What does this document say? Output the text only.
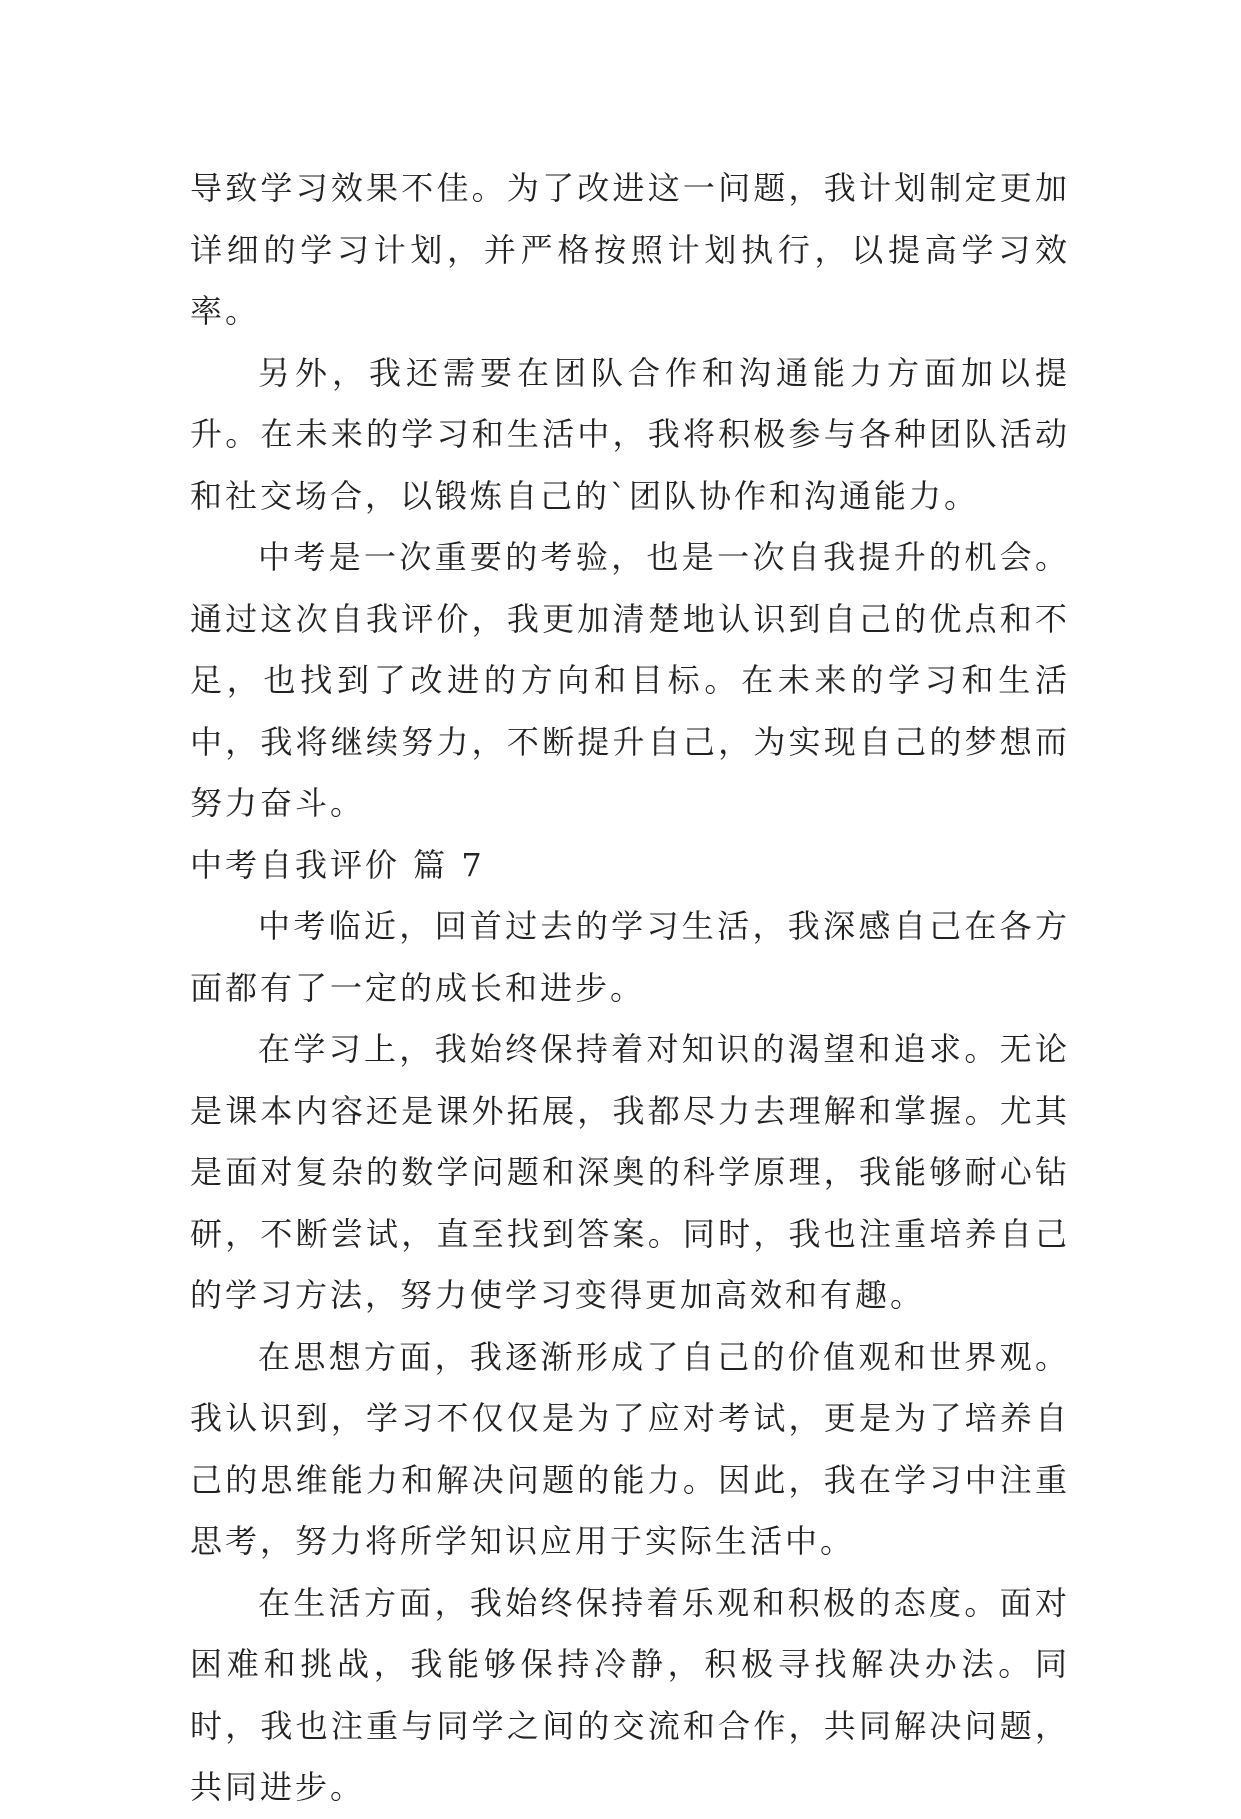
导致学习效果不佳。为了改进这一问题，我计划制定更加详细的学习计划，并严格按照计划执行，以提高学习效率。

另外，我还需要在团队合作和沟通能力方面加以提升。在未来的学习和生活中，我将积极参与各种团队活动和社交场合，以锻炼自己的`团队协作和沟通能力。

中考是一次重要的考验，也是一次自我提升的机会。通过这次自我评价，我更加清楚地认识到自己的优点和不足，也找到了改进的方向和目标。在未来的学习和生活中，我将继续努力，不断提升自己，为实现自己的梦想而努力奋斗。

中考自我评价 篇 7

中考临近，回首过去的学习生活，我深感自己在各方面都有了一定的成长和进步。

在学习上，我始终保持着对知识的渴望和追求。无论是课本内容还是课外拓展，我都尽力去理解和掌握。尤其是面对复杂的数学问题和深奥的科学原理，我能够耐心钻研，不断尝试，直至找到答案。同时，我也注重培养自己的学习方法，努力使学习变得更加高效和有趣。

在思想方面，我逐渐形成了自己的价值观和世界观。我认识到，学习不仅仅是为了应对考试，更是为了培养自己的思维能力和解决问题的能力。因此，我在学习中注重思考，努力将所学知识应用于实际生活中。

在生活方面，我始终保持着乐观和积极的态度。面对困难和挑战，我能够保持冷静，积极寻找解决办法。同时，我也注重与同学之间的交流和合作，共同解决问题，共同进步。
